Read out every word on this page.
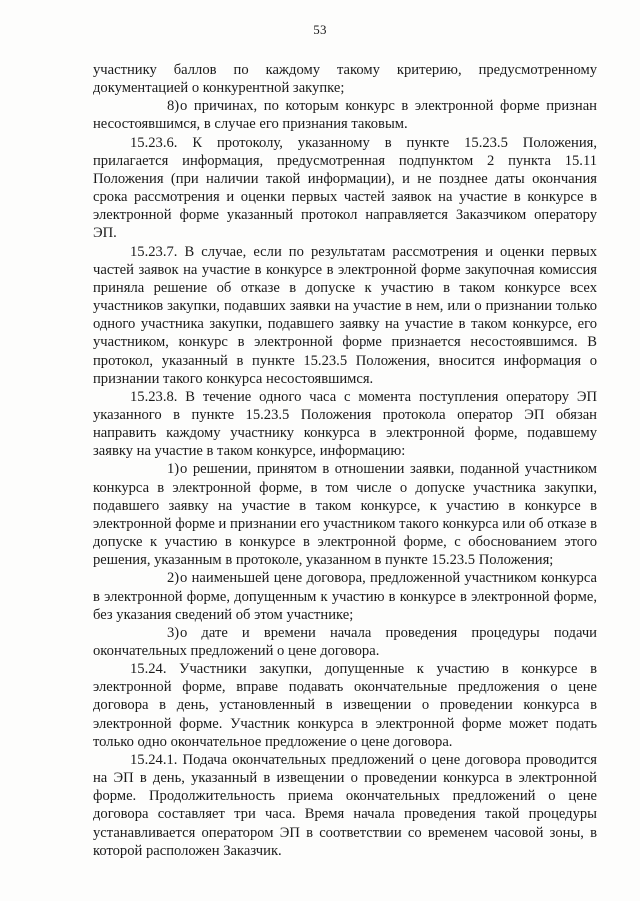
53

участнику баллов по каждому такому критерию, предусмотренному документацией о конкурентной закупке;

8)о причинах, по которым конкурс в электронной форме признан несостоявшимся, в случае его признания таковым.

15.23.6. К протоколу, указанному в пункте 15.23.5 Положения, прилагается информация, предусмотренная подпунктом 2 пункта 15.11 Положения (при наличии такой информации), и не позднее даты окончания срока рассмотрения и оценки первых частей заявок на участие в конкурсе в электронной форме указанный протокол направляется Заказчиком оператору ЭП.

15.23.7. В случае, если по результатам рассмотрения и оценки первых частей заявок на участие в конкурсе в электронной форме закупочная комиссия приняла решение об отказе в допуске к участию в таком конкурсе всех участников закупки, подавших заявки на участие в нем, или о признании только одного участника закупки, подавшего заявку на участие в таком конкурсе, его участником, конкурс в электронной форме признается несостоявшимся. В протокол, указанный в пункте 15.23.5 Положения, вносится информация о признании такого конкурса несостоявшимся.

15.23.8. В течение одного часа с момента поступления оператору ЭП указанного в пункте 15.23.5 Положения протокола оператор ЭП обязан направить каждому участнику конкурса в электронной форме, подавшему заявку на участие в таком конкурсе, информацию:

1)о решении, принятом в отношении заявки, поданной участником конкурса в электронной форме, в том числе о допуске участника закупки, подавшего заявку на участие в таком конкурсе, к участию в конкурсе в электронной форме и признании его участником такого конкурса или об отказе в допуске к участию в конкурсе в электронной форме, с обоснованием этого решения, указанным в протоколе, указанном в пункте 15.23.5 Положения;

2)о наименьшей цене договора, предложенной участником конкурса в электронной форме, допущенным к участию в конкурсе в электронной форме, без указания сведений об этом участнике;

3)о дате и времени начала проведения процедуры подачи окончательных предложений о цене договора.

15.24. Участники закупки, допущенные к участию в конкурсе в электронной форме, вправе подавать окончательные предложения о цене договора в день, установленный в извещении о проведении конкурса в электронной форме. Участник конкурса в электронной форме может подать только одно окончательное предложение о цене договора.

15.24.1. Подача окончательных предложений о цене договора проводится на ЭП в день, указанный в извещении о проведении конкурса в электронной форме. Продолжительность приема окончательных предложений о цене договора составляет три часа. Время начала проведения такой процедуры устанавливается оператором ЭП в соответствии со временем часовой зоны, в которой расположен Заказчик.
